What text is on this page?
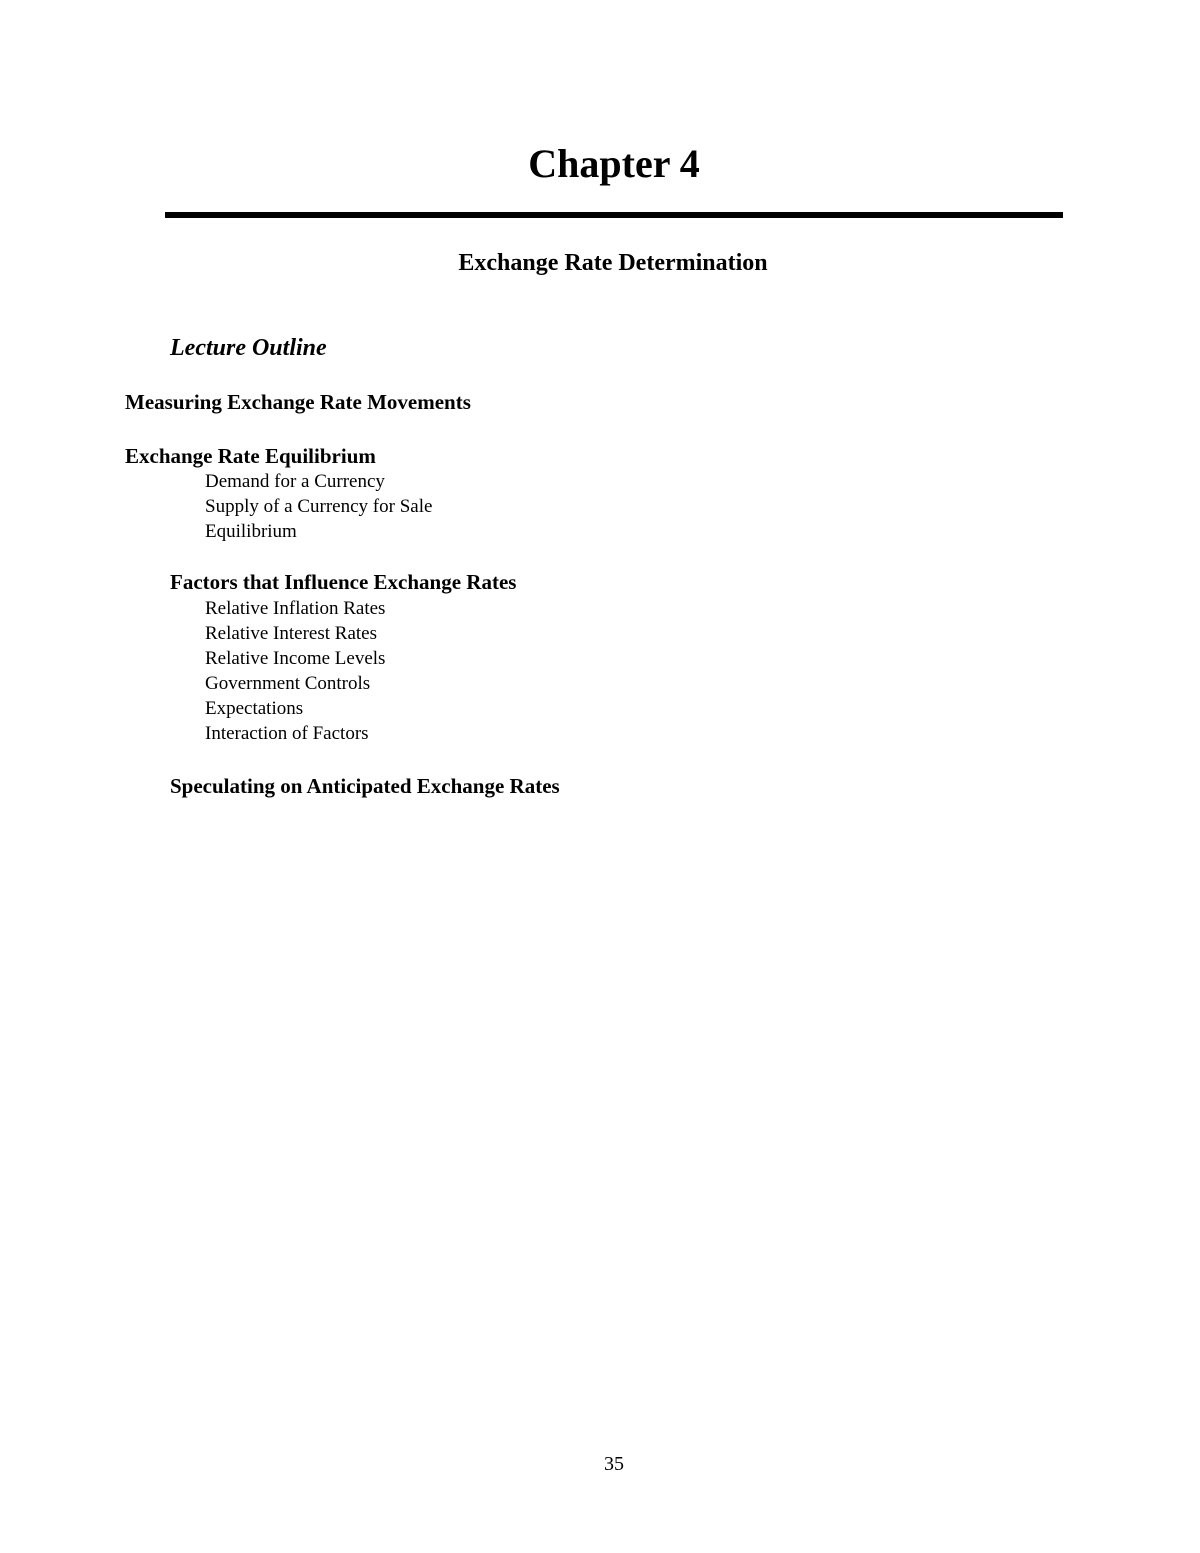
Chapter 4
Exchange Rate Determination
Lecture Outline
Measuring Exchange Rate Movements
Exchange Rate Equilibrium
Demand for a Currency
Supply of a Currency for Sale
Equilibrium
Factors that Influence Exchange Rates
Relative Inflation Rates
Relative Interest Rates
Relative Income Levels
Government Controls
Expectations
Interaction of Factors
Speculating on Anticipated Exchange Rates
35
